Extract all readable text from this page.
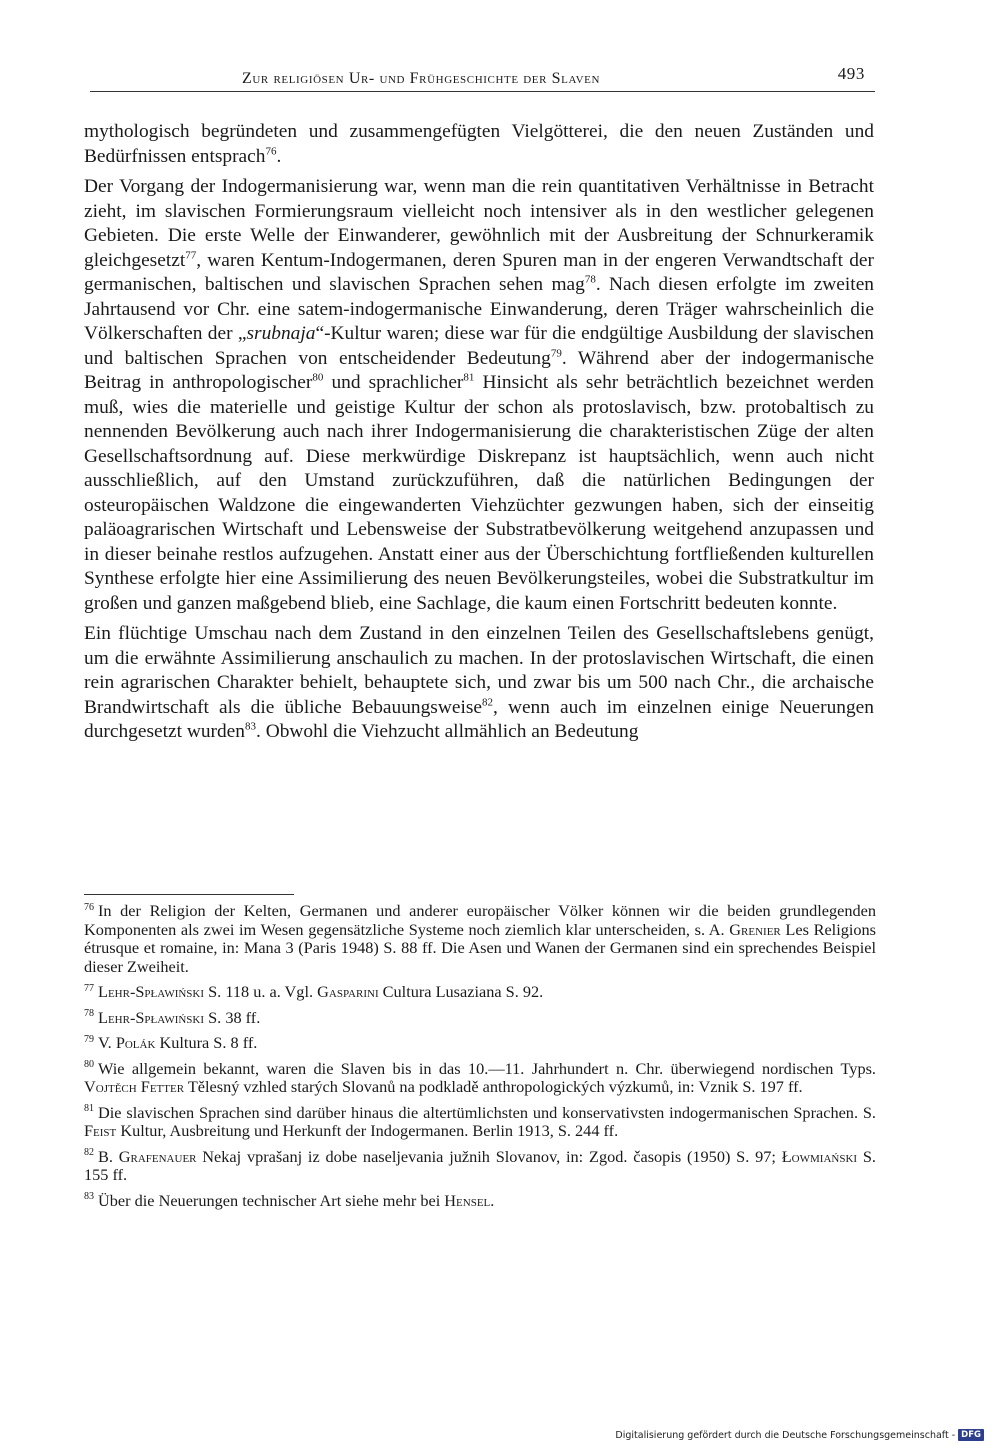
Zur religiösen Ur- und Frühgeschichte der Slaven	493

mythologisch begründeten und zusammengefügten Vielgötterei, die den neuen Zuständen und Bedürfnissen entsprach$^{76}$.

Der Vorgang der Indogermanisierung war, wenn man die rein quantitativen Verhältnisse in Betracht zieht, im slavischen Formierungsraum vielleicht noch intensiver als in den westlicher gelegenen Gebieten. Die erste Welle der Einwanderer, gewöhnlich mit der Ausbreitung der Schnurkeramik gleichgesetzt$^{77}$, waren Kentum-Indogermanen, deren Spuren man in der engeren Verwandtschaft der germanischen, baltischen und slavischen Sprachen sehen mag$^{78}$. Nach diesen erfolgte im zweiten Jahrtausend vor Chr. eine satem-indogermanische Einwanderung, deren Träger wahrscheinlich die Völkerschaften der „srubnaja“-Kultur waren; diese war für die endgültige Ausbildung der slavischen und baltischen Sprachen von entscheidender Bedeutung$^{79}$. Während aber der indogermanische Beitrag in anthropologischer$^{80}$ und sprachlicher$^{81}$ Hinsicht als sehr beträchtlich bezeichnet werden muß, wies die materielle und geistige Kultur der schon als protoslavisch, bzw. protobaltisch zu nennenden Bevölkerung auch nach ihrer Indogermanisierung die charakteristischen Züge der alten Gesellschaftsordnung auf. Diese merkwürdige Diskrepanz ist hauptsächlich, wenn auch nicht ausschließlich, auf den Umstand zurückzuführen, daß die natürlichen Bedingungen der osteuropäischen Waldzone die eingewanderten Viehzüchter gezwungen haben, sich der einseitig paläoagrarischen Wirtschaft und Lebensweise der Substratbevölkerung weitgehend anzupassen und in dieser beinahe restlos aufzugehen. Anstatt einer aus der Überschichtung fortfließenden kulturellen Synthese erfolgte hier eine Assimilierung des neuen Bevölkerungsteiles, wobei die Substratkultur im großen und ganzen maßgebend blieb, eine Sachlage, die kaum einen Fortschritt bedeuten konnte.

Ein flüchtige Umschau nach dem Zustand in den einzelnen Teilen des Gesellschaftslebens genügt, um die erwähnte Assimilierung anschaulich zu machen. In der protoslavischen Wirtschaft, die einen rein agrarischen Charakter behielt, behauptete sich, und zwar bis um 500 nach Chr., die archaische Brandwirtschaft als die übliche Bebauungsweise$^{82}$, wenn auch im einzelnen einige Neuerungen durchgesetzt wurden$^{83}$. Obwohl die Viehzucht allmählich an Bedeutung

$^{76}$ In der Religion der Kelten, Germanen und anderer europäischer Völker können wir die beiden grundlegenden Komponenten als zwei im Wesen gegensätzliche Systeme noch ziemlich klar unterscheiden, s. A. Grenier Les Religions étrusque et romaine, in: Mana 3 (Paris 1948) S. 88 ff. Die Asen und Wanen der Germanen sind ein sprechendes Beispiel dieser Zweiheit.
$^{77}$ Lehr-Spławiński S. 118 u. a. Vgl. Gasparini Cultura Lusaziana S. 92.
$^{78}$ Lehr-Spławiński S. 38 ff.
$^{79}$ V. Polák Kultura S. 8 ff.
$^{80}$ Wie allgemein bekannt, waren die Slaven bis in das 10.—11. Jahrhundert n. Chr. überwiegend nordischen Typs. Vojtěch Fetter Tělesný vzhled starých Slovanů na podkladě anthropologických výzkumů, in: Vznik S. 197 ff.
$^{81}$ Die slavischen Sprachen sind darüber hinaus die altertümlichsten und konservativsten indogermanischen Sprachen. S. Feist Kultur, Ausbreitung und Herkunft der Indogermanen. Berlin 1913, S. 244 ff.
$^{82}$ B. Grafenauer Nekaj vprašanj iz dobe naseljevania južnih Slovanov, in: Zgod. časopis (1950) S. 97; Łowmiański S. 155 ff.
$^{83}$ Über die Neuerungen technischer Art siehe mehr bei Hensel.
Digitalisierung gefördert durch die Deutsche Forschungsgemeinschaft - DFG
